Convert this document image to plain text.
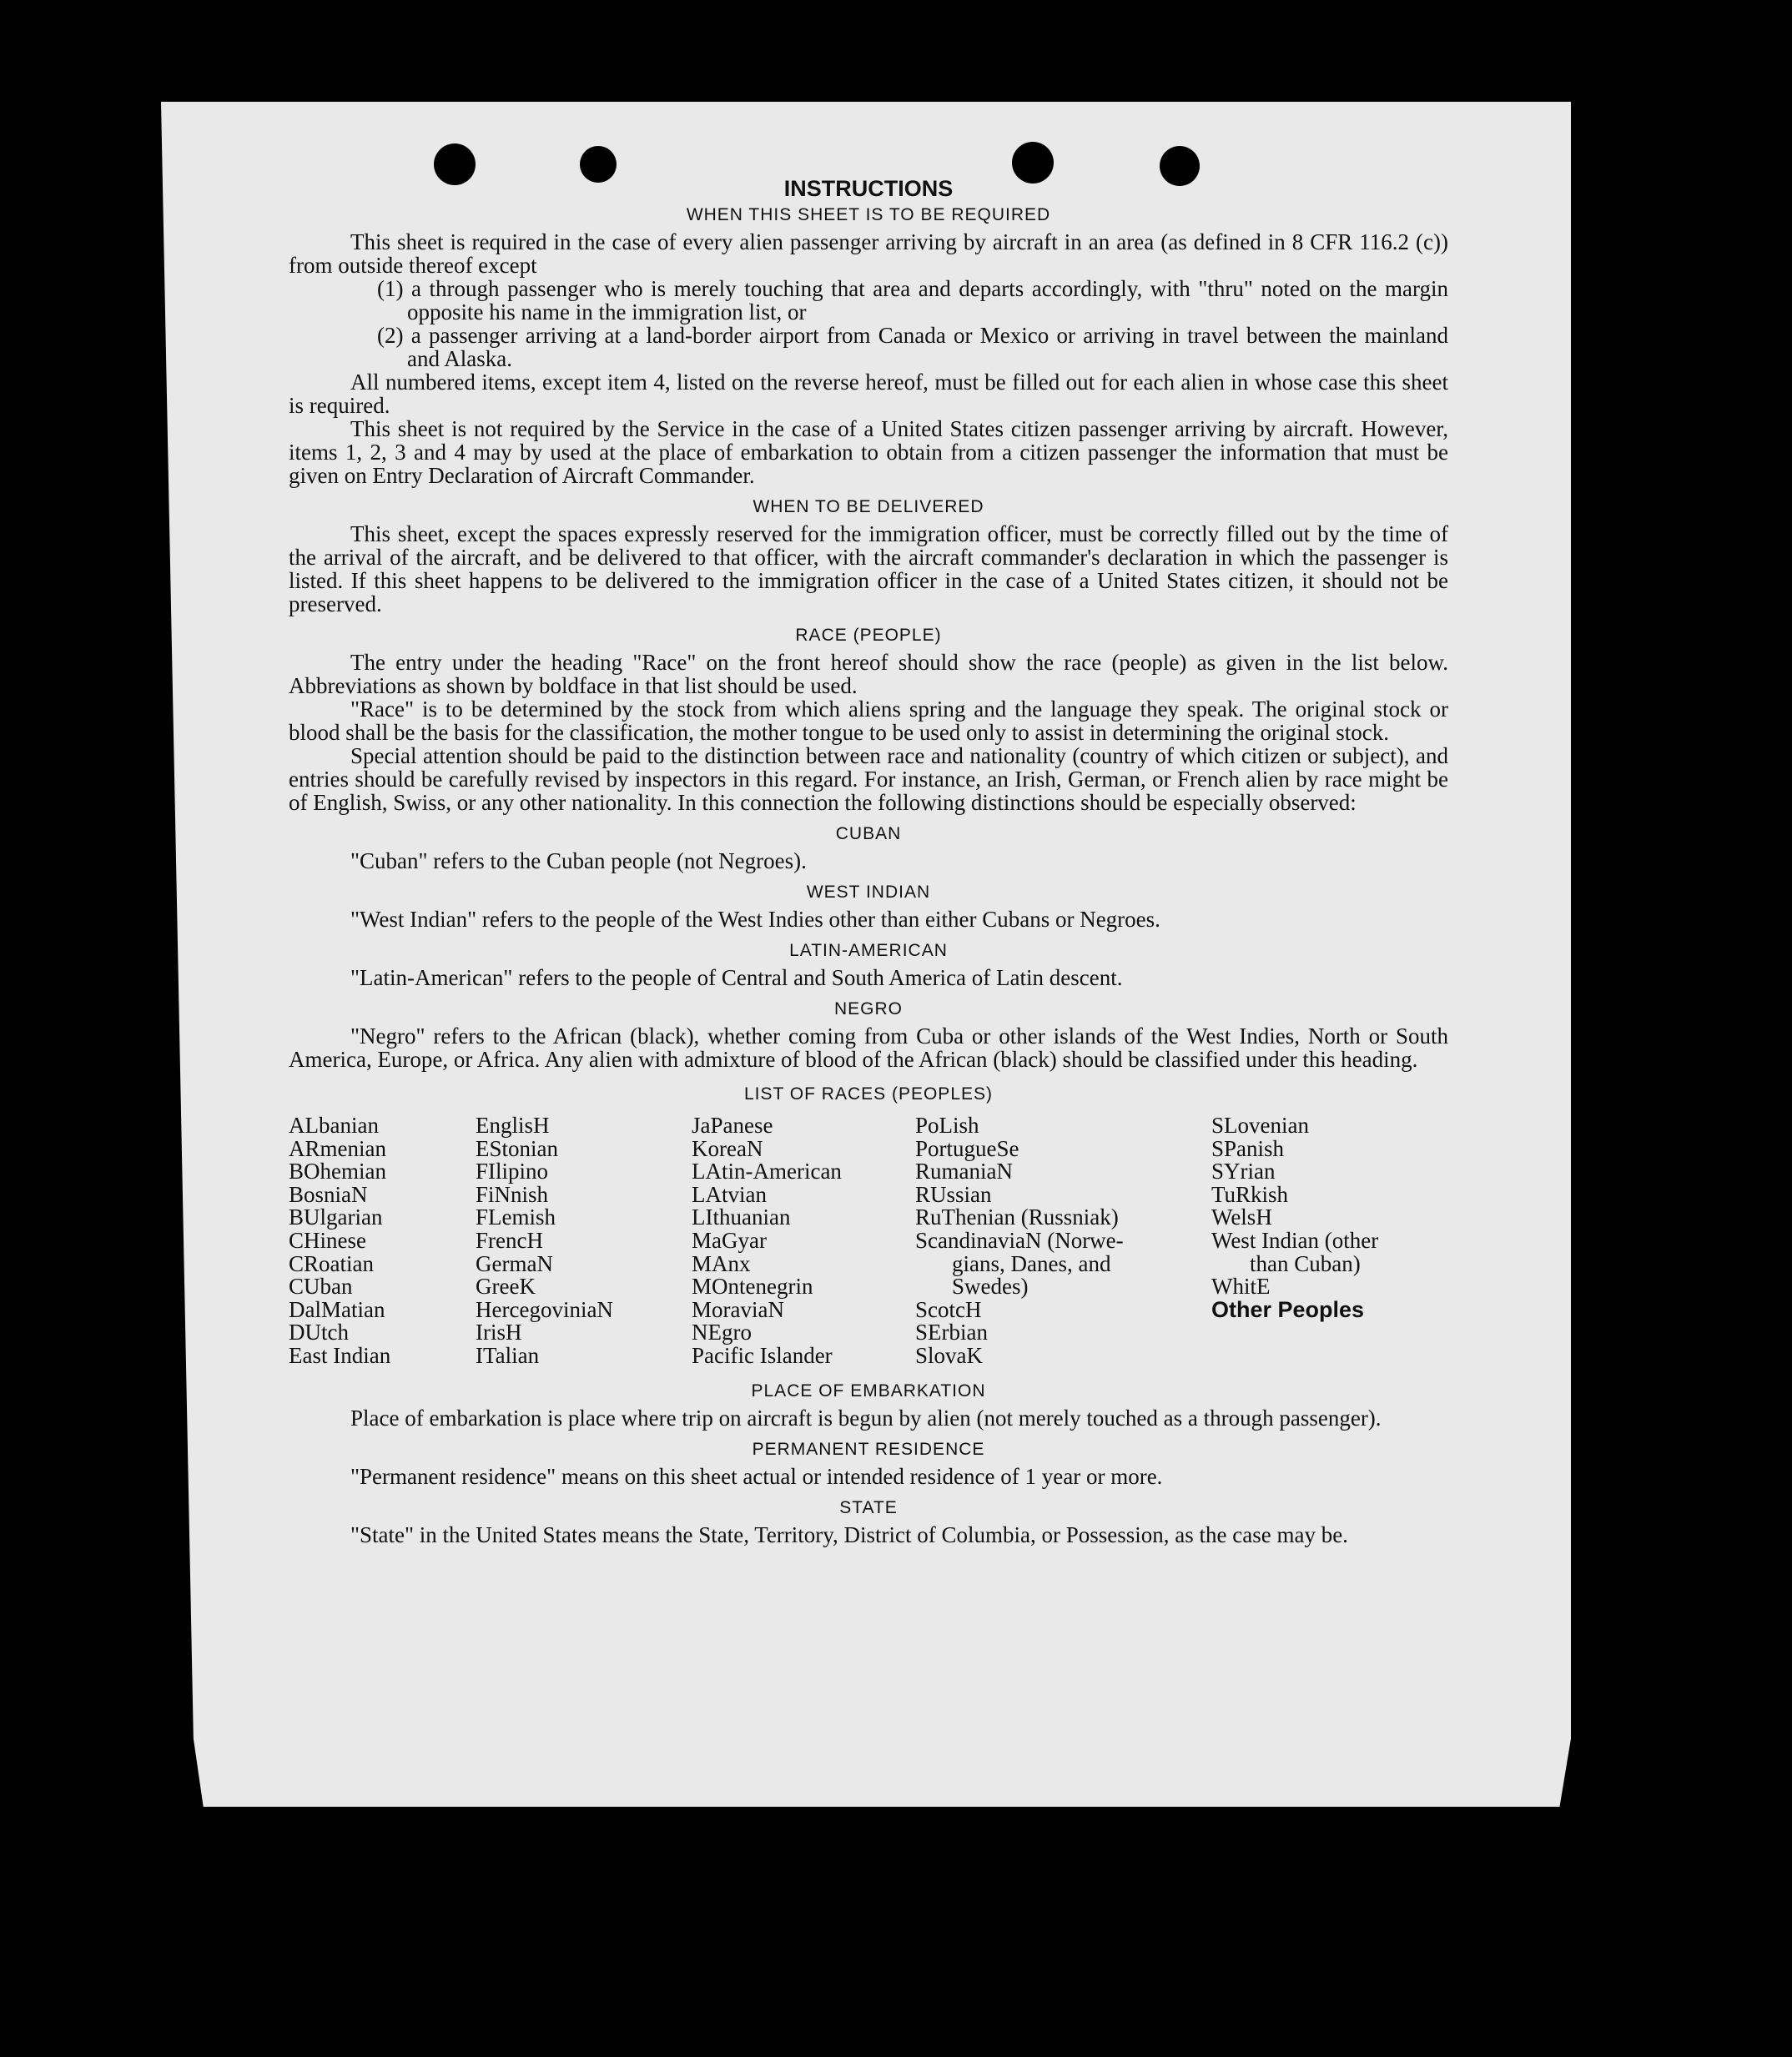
INSTRUCTIONS
WHEN THIS SHEET IS TO BE REQUIRED

This sheet is required in the case of every alien passenger arriving by aircraft in an area (as defined in 8 CFR 116.2 (c)) from outside thereof except

(1) a through passenger who is merely touching that area and departs accordingly, with "thru" noted on the margin opposite his name in the immigration list, or

(2) a passenger arriving at a land-border airport from Canada or Mexico or arriving in travel between the mainland and Alaska.

All numbered items, except item 4, listed on the reverse hereof, must be filled out for each alien in whose case this sheet is required.

This sheet is not required by the Service in the case of a United States citizen passenger arriving by aircraft. However, items 1, 2, 3 and 4 may by used at the place of embarkation to obtain from a citizen passenger the information that must be given on Entry Declaration of Aircraft Commander.

WHEN TO BE DELIVERED

This sheet, except the spaces expressly reserved for the immigration officer, must be correctly filled out by the time of the arrival of the aircraft, and be delivered to that officer, with the aircraft commander's declaration in which the passenger is listed. If this sheet happens to be delivered to the immigration officer in the case of a United States citizen, it should not be preserved.

RACE (PEOPLE)

The entry under the heading "Race" on the front hereof should show the race (people) as given in the list below. Abbreviations as shown by boldface in that list should be used.

"Race" is to be determined by the stock from which aliens spring and the language they speak. The original stock or blood shall be the basis for the classification, the mother tongue to be used only to assist in determining the original stock.

Special attention should be paid to the distinction between race and nationality (country of which citizen or subject), and entries should be carefully revised by inspectors in this regard. For instance, an Irish, German, or French alien by race might be of English, Swiss, or any other nationality. In this connection the following distinctions should be especially observed:

CUBAN

"Cuban" refers to the Cuban people (not Negroes).

WEST INDIAN

"West Indian" refers to the people of the West Indies other than either Cubans or Negroes.

LATIN-AMERICAN

"Latin-American" refers to the people of Central and South America of Latin descent.

NEGRO

"Negro" refers to the African (black), whether coming from Cuba or other islands of the West Indies, North or South America, Europe, or Africa. Any alien with admixture of blood of the African (black) should be classified under this heading.

LIST OF RACES (PEOPLES)
ALbanian
ARmenian
BOhemian
BosniaN
BUlgarian
CHinese
CRoatian
CUban
DalMatian
DUtch
East Indian
EnglisH
EStonian
FIlipino
FiNnish
FLemish
FrencH
GermaN
GreeK
HercegoviniaN
IrisH
ITalian
JaPanese
KoreaN
LAtin-American
LAtvian
LIthuanian
MaGyar
MAnx
MOntenegrin
MoraviaN
NEgro
Pacific Islander
PoLish
PortugueSe
RumaniaN
RUssian
RuThenian (Russniak)
ScandinaviaN (Norwe-
gians, Danes, and
Swedes)
ScotcH
SErbian
SlovaK
SLovenian
SPanish
SYrian
TuRkish
WelsH
West Indian (other
than Cuban)
WhitE
Other Peoples
PLACE OF EMBARKATION

Place of embarkation is place where trip on aircraft is begun by alien (not merely touched as a through passenger).

PERMANENT RESIDENCE

"Permanent residence" means on this sheet actual or intended residence of 1 year or more.

STATE

"State" in the United States means the State, Territory, District of Columbia, or Possession, as the case may be.
